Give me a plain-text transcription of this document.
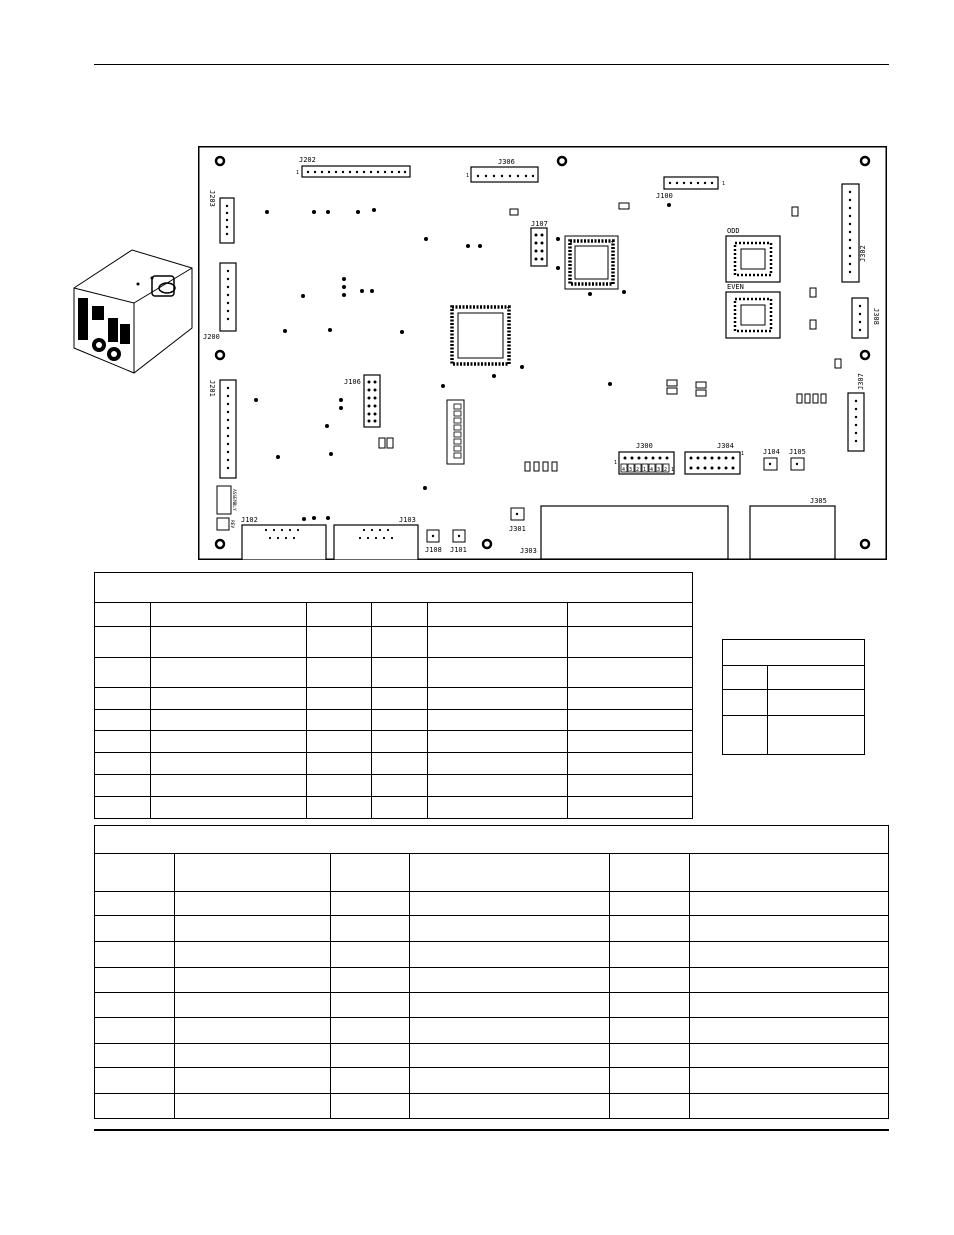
J202
1
J306
1
J100
1
J203
J200
J201
ASSEMBLY
REV
J107
J106
ODD
EVEN
J302
J308
J307
J300
4 3 2 1 4 3 2 1
1
J304
1	J104 J105
J303
J305
J102	J103
J301
J108 J101
